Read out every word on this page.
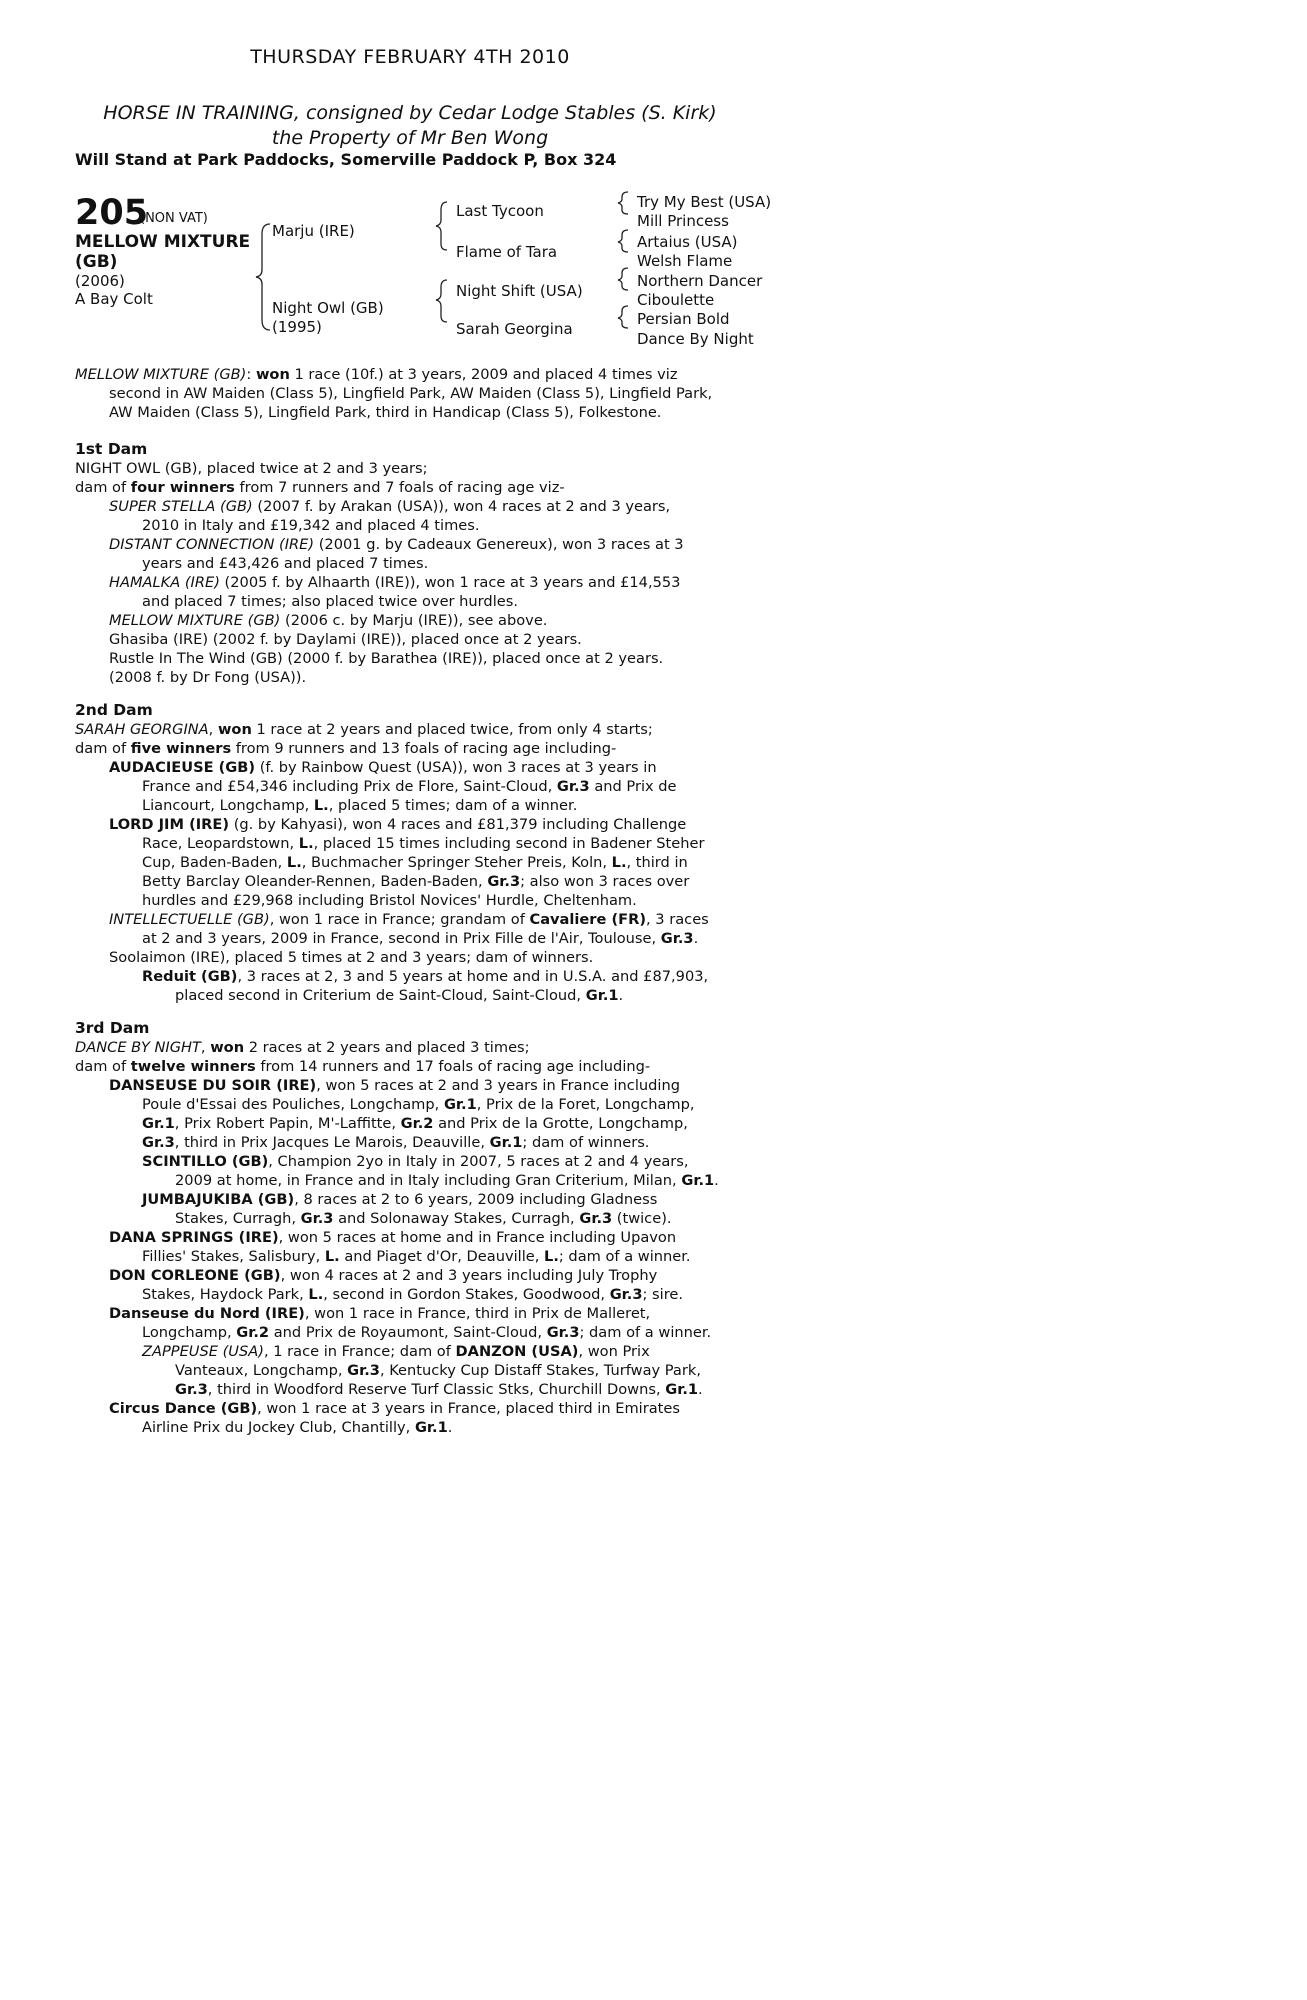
THURSDAY FEBRUARY 4TH 2010
HORSE IN TRAINING, consigned by Cedar Lodge Stables (S. Kirk)
the Property of Mr Ben Wong
Will Stand at Park Paddocks, Somerville Paddock P, Box 324
205
(NON VAT)
MELLOW MIXTURE
(GB)
(2006)
A Bay Colt
Marju (IRE)
Night Owl (GB)
(1995)
Last Tycoon
Flame of Tara
Night Shift (USA)
Sarah Georgina
Try My Best (USA)
Mill Princess
Artaius (USA)
Welsh Flame
Northern Dancer
Ciboulette
Persian Bold
Dance By Night
MELLOW MIXTURE (GB): won 1 race (10f.) at 3 years, 2009 and placed 4 times viz
second in AW Maiden (Class 5), Lingfield Park, AW Maiden (Class 5), Lingfield Park,
AW Maiden (Class 5), Lingfield Park, third in Handicap (Class 5), Folkestone.
1st Dam
NIGHT OWL (GB), placed twice at 2 and 3 years;
dam of four winners from 7 runners and 7 foals of racing age viz-
SUPER STELLA (GB) (2007 f. by Arakan (USA)), won 4 races at 2 and 3 years,
2010 in Italy and £19,342 and placed 4 times.
DISTANT CONNECTION (IRE) (2001 g. by Cadeaux Genereux), won 3 races at 3
years and £43,426 and placed 7 times.
HAMALKA (IRE) (2005 f. by Alhaarth (IRE)), won 1 race at 3 years and £14,553
and placed 7 times; also placed twice over hurdles.
MELLOW MIXTURE (GB) (2006 c. by Marju (IRE)), see above.
Ghasiba (IRE) (2002 f. by Daylami (IRE)), placed once at 2 years.
Rustle In The Wind (GB) (2000 f. by Barathea (IRE)), placed once at 2 years.
(2008 f. by Dr Fong (USA)).
2nd Dam
SARAH GEORGINA, won 1 race at 2 years and placed twice, from only 4 starts;
dam of five winners from 9 runners and 13 foals of racing age including-
AUDACIEUSE (GB) (f. by Rainbow Quest (USA)), won 3 races at 3 years in
France and £54,346 including Prix de Flore, Saint-Cloud, Gr.3 and Prix de
Liancourt, Longchamp, L., placed 5 times; dam of a winner.
LORD JIM (IRE) (g. by Kahyasi), won 4 races and £81,379 including Challenge
Race, Leopardstown, L., placed 15 times including second in Badener Steher
Cup, Baden-Baden, L., Buchmacher Springer Steher Preis, Koln, L., third in
Betty Barclay Oleander-Rennen, Baden-Baden, Gr.3; also won 3 races over
hurdles and £29,968 including Bristol Novices' Hurdle, Cheltenham.
INTELLECTUELLE (GB), won 1 race in France; grandam of Cavaliere (FR), 3 races
at 2 and 3 years, 2009 in France, second in Prix Fille de l'Air, Toulouse, Gr.3.
Soolaimon (IRE), placed 5 times at 2 and 3 years; dam of winners.
Reduit (GB), 3 races at 2, 3 and 5 years at home and in U.S.A. and £87,903,
placed second in Criterium de Saint-Cloud, Saint-Cloud, Gr.1.
3rd Dam
DANCE BY NIGHT, won 2 races at 2 years and placed 3 times;
dam of twelve winners from 14 runners and 17 foals of racing age including-
DANSEUSE DU SOIR (IRE), won 5 races at 2 and 3 years in France including
Poule d'Essai des Pouliches, Longchamp, Gr.1, Prix de la Foret, Longchamp,
Gr.1, Prix Robert Papin, M'-Laffitte, Gr.2 and Prix de la Grotte, Longchamp,
Gr.3, third in Prix Jacques Le Marois, Deauville, Gr.1; dam of winners.
SCINTILLO (GB), Champion 2yo in Italy in 2007, 5 races at 2 and 4 years,
2009 at home, in France and in Italy including Gran Criterium, Milan, Gr.1.
JUMBAJUKIBA (GB), 8 races at 2 to 6 years, 2009 including Gladness
Stakes, Curragh, Gr.3 and Solonaway Stakes, Curragh, Gr.3 (twice).
DANA SPRINGS (IRE), won 5 races at home and in France including Upavon
Fillies' Stakes, Salisbury, L. and Piaget d'Or, Deauville, L.; dam of a winner.
DON CORLEONE (GB), won 4 races at 2 and 3 years including July Trophy
Stakes, Haydock Park, L., second in Gordon Stakes, Goodwood, Gr.3; sire.
Danseuse du Nord (IRE), won 1 race in France, third in Prix de Malleret,
Longchamp, Gr.2 and Prix de Royaumont, Saint-Cloud, Gr.3; dam of a winner.
ZAPPEUSE (USA), 1 race in France; dam of DANZON (USA), won Prix
Vanteaux, Longchamp, Gr.3, Kentucky Cup Distaff Stakes, Turfway Park,
Gr.3, third in Woodford Reserve Turf Classic Stks, Churchill Downs, Gr.1.
Circus Dance (GB), won 1 race at 3 years in France, placed third in Emirates
Airline Prix du Jockey Club, Chantilly, Gr.1.
